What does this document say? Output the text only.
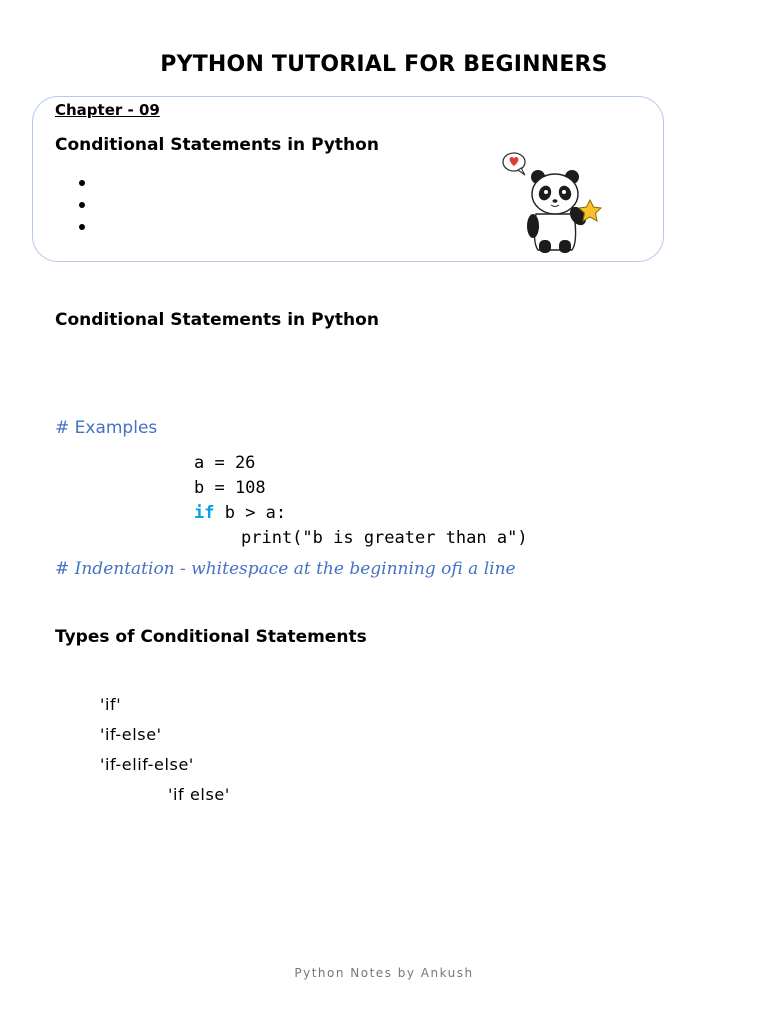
PYTHON TUTORIAL FOR BEGINNERS
Chapter - 09
Conditional Statements in Python
Conditional Statements in Python
# Examples
a = 26
b = 108
if b > a:
print("b is greater than a")
# Indentation - whitespace at the beginning ofi a line
Types of Conditional Statements
'if'
'if-else'
'if-elif-else'
'if else'
Python Notes by Ankush
